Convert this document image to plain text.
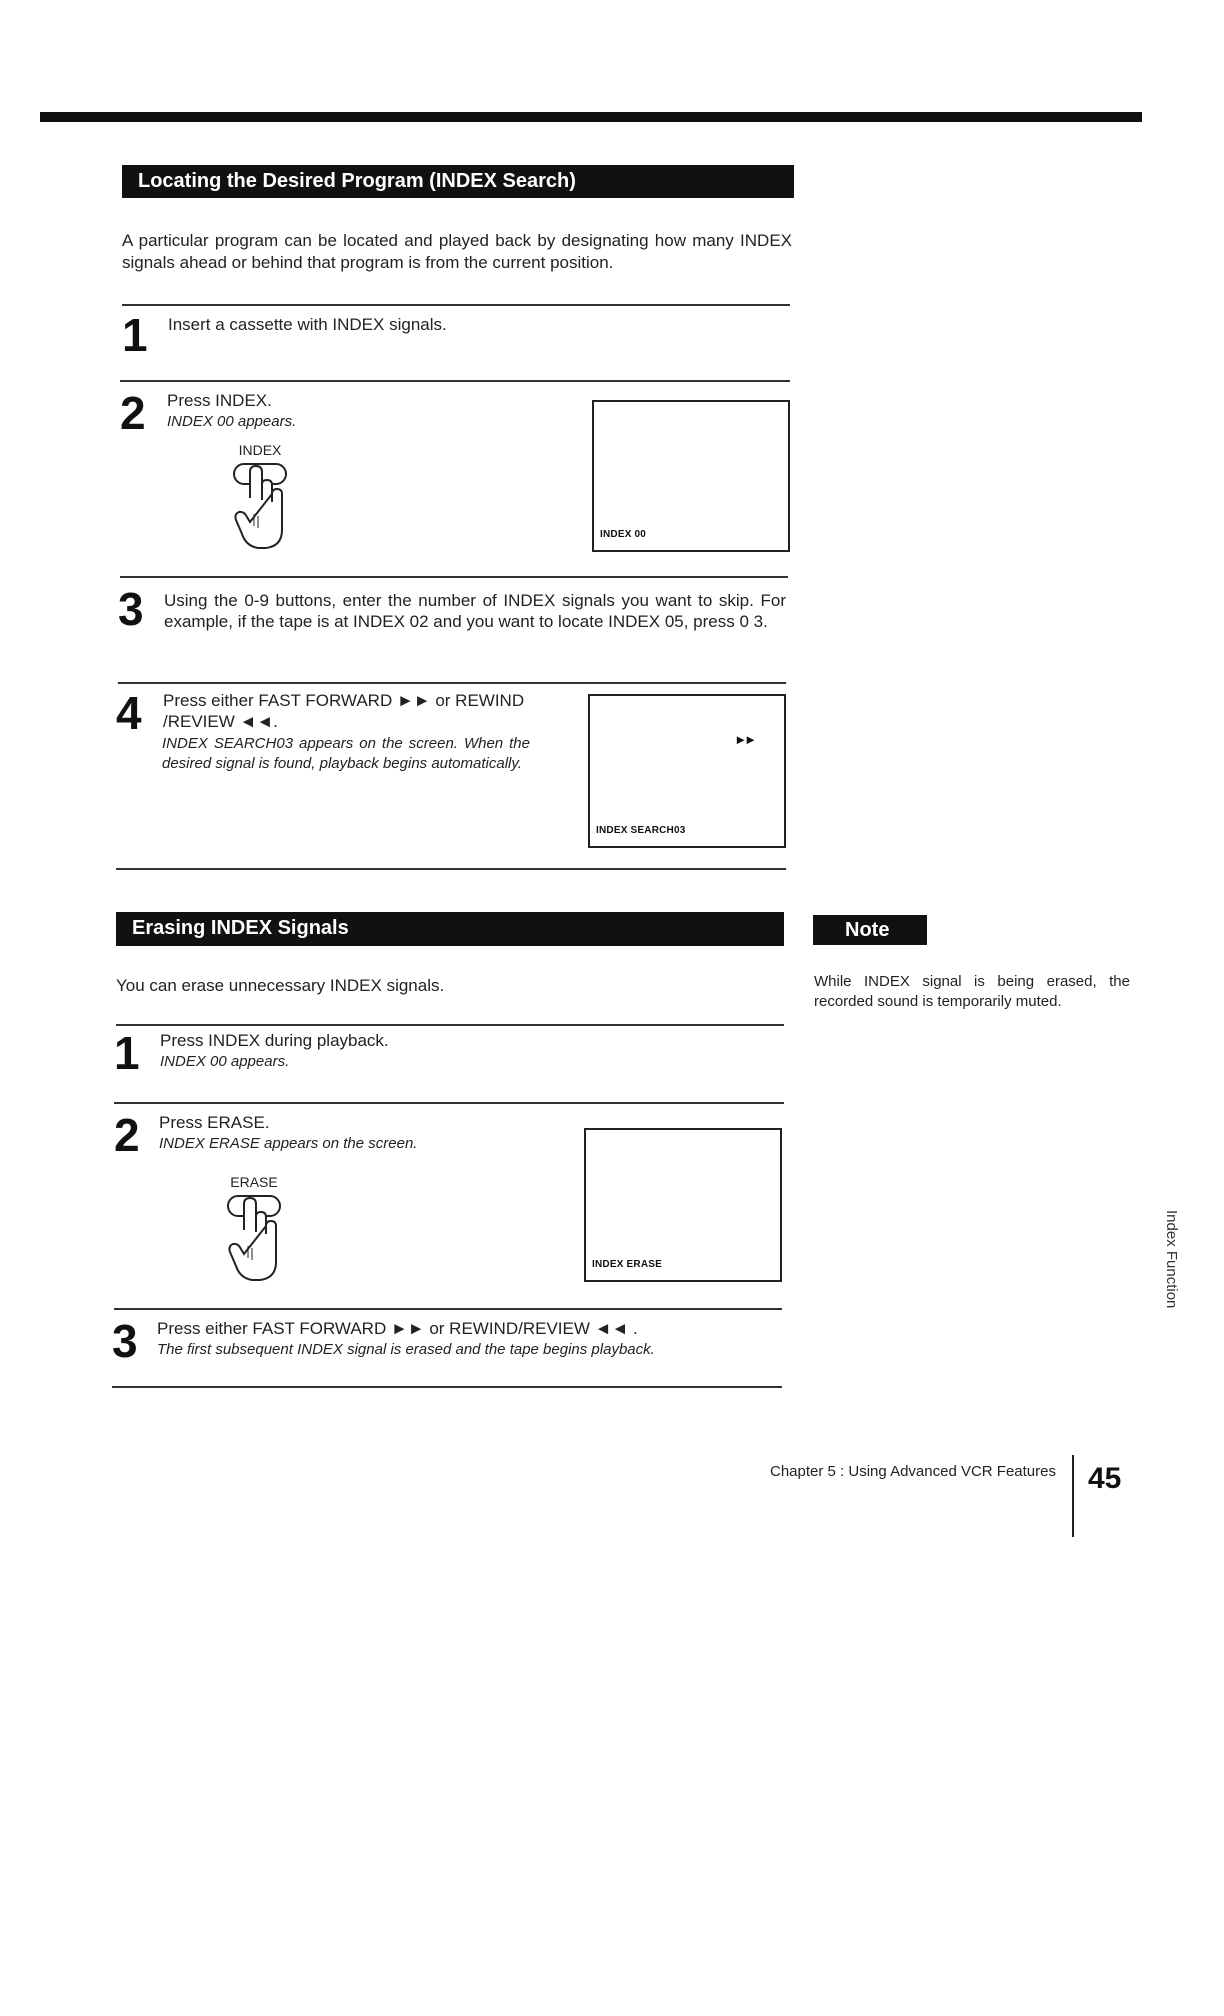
Locating the Desired Program (INDEX Search)
A particular program can be located and played back by designating how many INDEX signals ahead or behind that program is from the current position.
1 Insert a cassette with INDEX signals.
2 Press INDEX.
INDEX 00 appears.
INDEX
INDEX 00
3 Using the 0-9 buttons, enter the number of INDEX signals you want to skip. For example, if the tape is at INDEX 02 and you want to locate INDEX 05, press 0 3.
4 Press either FAST FORWARD ►► or REWIND /REVIEW ◄◄.
INDEX SEARCH03 appears on the screen. When the desired signal is found, playback begins automatically.
►►
INDEX SEARCH03
Erasing INDEX Signals
You can erase unnecessary INDEX signals.
1 Press INDEX during playback.
INDEX 00 appears.
2 Press ERASE.
INDEX ERASE appears on the screen.
ERASE
INDEX ERASE
3 Press either FAST FORWARD ►► or REWIND/REVIEW ◄◄ .
The first subsequent INDEX signal is erased and the tape begins playback.
Note
While INDEX signal is being erased, the recorded sound is temporarily muted.
Index Function
Chapter 5 : Using Advanced VCR Features 45
